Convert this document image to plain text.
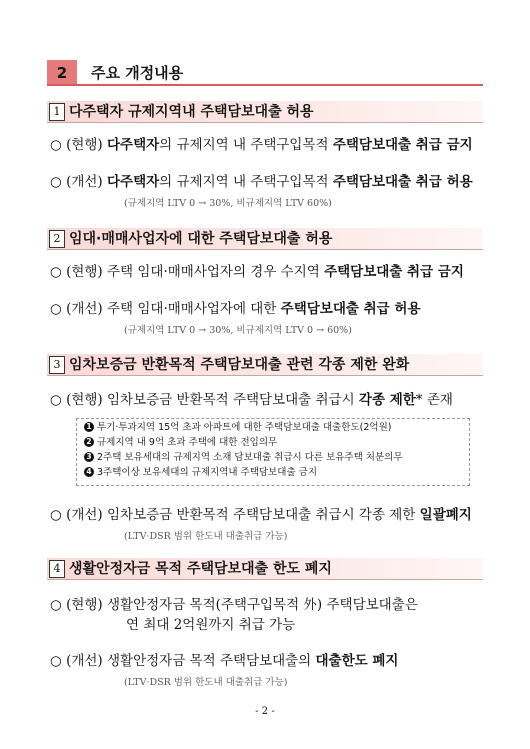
2	주요 개정내용
1 다주택자 규제지역내 주택담보대출 허용
○ (현행) 다주택자의 규제지역 내 주택구입목적 주택담보대출 취급 금지
○ (개선) 다주택자의 규제지역 내 주택구입목적 주택담보대출 취급 허용
(규제지역 LTV 0 → 30%, 비규제지역 LTV 60%)
2 임대·매매사업자에 대한 주택담보대출 허용
○ (현행) 주택 임대·매매사업자의 경우 수지역 주택담보대출 취급 금지
○ (개선) 주택 임대·매매사업자에 대한 주택담보대출 취급 허용
(규제지역 LTV 0 → 30%, 비규제지역 LTV 0 → 60%)
3 임차보증금 반환목적 주택담보대출 관련 각종 제한 완화
○ (현행) 임차보증금 반환목적 주택담보대출 취급시 각종 제한* 존재
1 투기·투과지역 15억 초과 아파트에 대한 주택담보대출 대출한도(2억원)
2 규제지역 내 9억 초과 주택에 대한 전입의무
3 2주택 보유세대의 규제지역 소재 담보대출 취급시 다른 보유주택 처분의무
4 3주택이상 보유세대의 규제지역내 주택담보대출 금지
○ (개선) 임차보증금 반환목적 주택담보대출 취급시 각종 제한 일괄폐지
(LTV·DSR 범위 한도내 대출취급 가능)
4 생활안정자금 목적 주택담보대출 한도 폐지
○ (현행) 생활안정자금 목적(주택구입목적 外) 주택담보대출은
연 최대 2억원까지 취급 가능
○ (개선) 생활안정자금 목적 주택담보대출의 대출한도 폐지
(LTV·DSR 범위 한도내 대출취급 가능)
- 2 -
